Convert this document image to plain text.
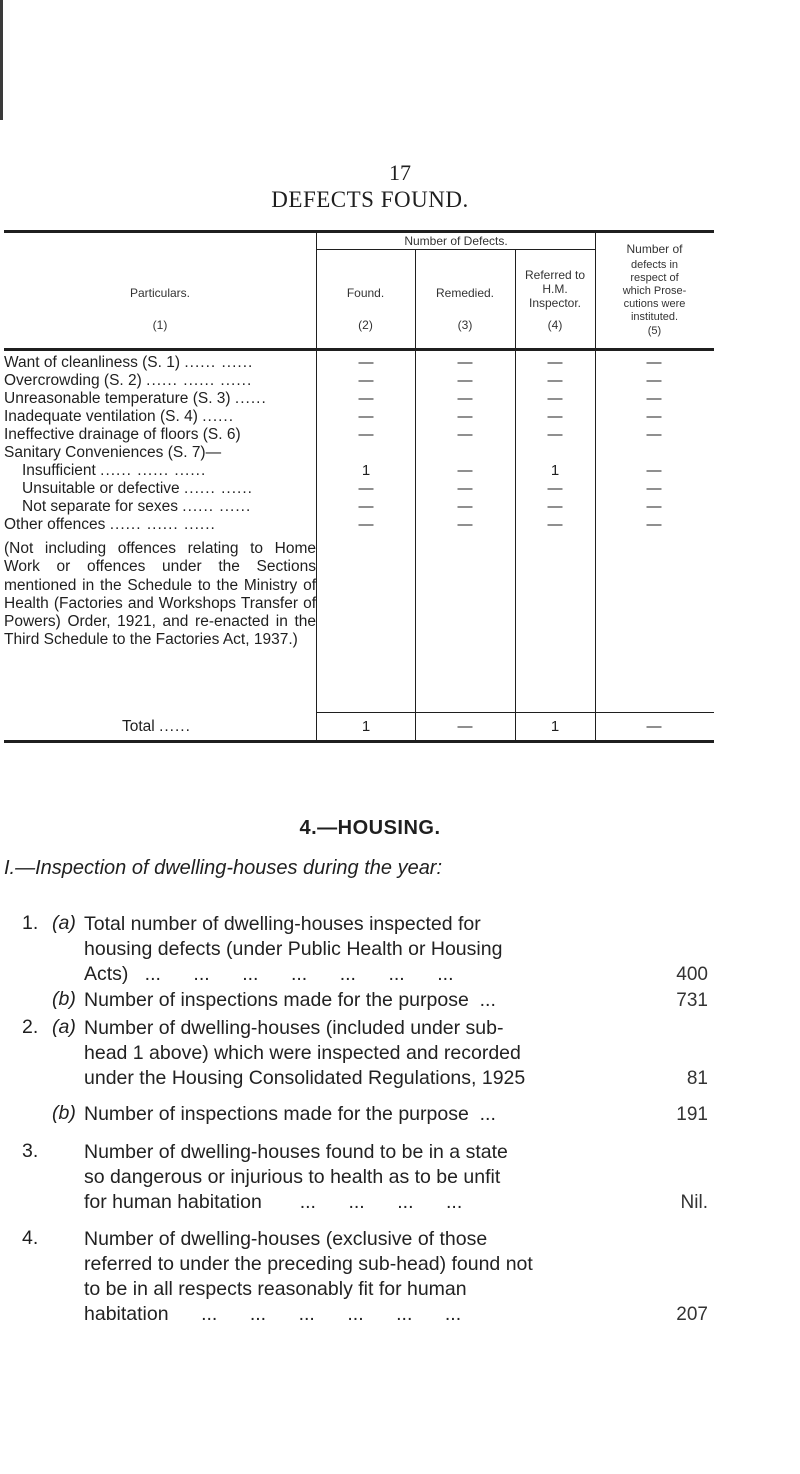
17
DEFECTS FOUND.
Particulars.
(1)
Number of Defects.
Found.
(2)
Remedied.
(3)
Referred to
H.M.
Inspector.
(4)
Number of
defects in
respect of
which Prose-
cutions were
instituted.
(5)
Want of cleanliness (S. 1) ...... ......	—	—	—	—
Overcrowding (S. 2) ...... ...... ......	—	—	—	—
Unreasonable temperature (S. 3) ......	—	—	—	—
Inadequate ventilation (S. 4) ......	—	—	—	—
Ineffective drainage of floors (S. 6)	—	—	—	—
Sanitary Conveniences (S. 7)—
Insufficient ...... ...... ......	1	—	1	—
Unsuitable or defective ...... ......	—	—	—	—
Not separate for sexes ...... ......	—	—	—	—
Other offences ...... ...... ......	—	—	—	—
(Not including offences relating to Home Work or offences under the Sections mentioned in the Schedule to the Ministry of Health (Factories and Workshops Transfer of Powers) Order, 1921, and re-enacted in the Third Schedule to the Factories Act, 1937.)
Total ......	1	—	1	—
4.—HOUSING.
I.—Inspection of dwelling-houses during the year:
1. (a) Total number of dwelling-houses inspected for
housing defects (under Public Health or Housing
Acts)   ...      ...      ...      ...      ...      ...      ...	400
(b) Number of inspections made for the purpose  ...	731
2. (a) Number of dwelling-houses (included under sub-
head 1 above) which were inspected and recorded
under the Housing Consolidated Regulations, 1925	81
(b) Number of inspections made for the purpose  ...	191
3. Number of dwelling-houses found to be in a state
so dangerous or injurious to health as to be unfit
for human habitation       ...      ...      ...      ...	Nil.
4. Number of dwelling-houses (exclusive of those
referred to under the preceding sub-head) found not
to be in all respects reasonably fit for human
habitation      ...      ...      ...      ...      ...      ...	207
